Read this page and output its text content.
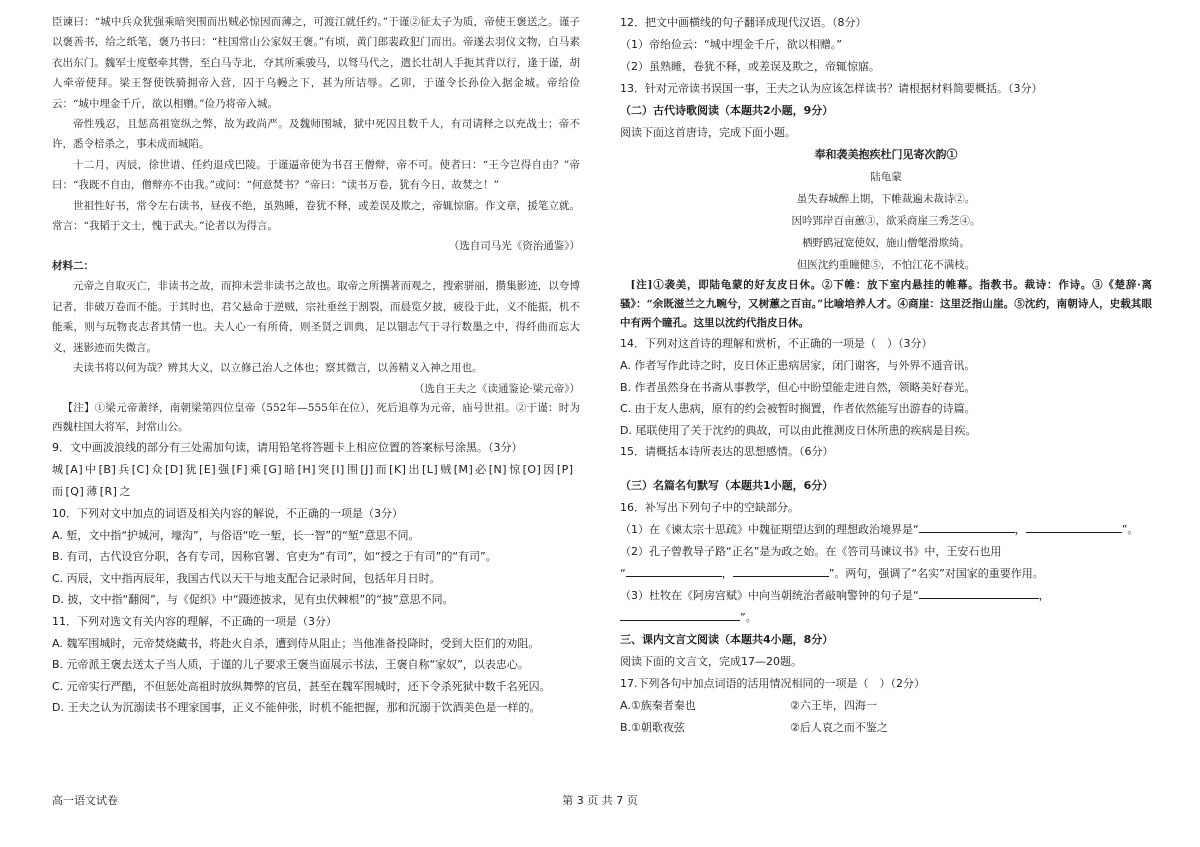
臣谏曰：“城中兵众犹强乘暗突围而出贼必惊因而薄之，可渡江就任约。”于谨②征太子为质，帝使王褒送之。谨子以褒善书，给之纸笔，褒乃书曰：“柱国常山公家奴王褒。”有顷，黄门郎裴政犯门而出。帝遂去羽仪文物，白马素衣出东门。魏军士度壑牵其辔，至白马寺北，夺其所乘骏马，以驽马代之，遣长壮胡人手扼其背以行，逢于谨，胡人牵帝使拜。梁王詧使铁骑拥帝入营，囚于乌幔之下，甚为所诘辱。乙卯，于谨令长孙俭入据金城。帝给俭云：“城中埋金千斤，欲以相赠。”俭乃将帝入城。

帝性残忍，且惩高祖宽纵之弊，故为政尚严。及魏师围城，狱中死囚且数千人，有司请释之以充战士；帝不许，悉令棓杀之，事未成而城陷。

十二月，丙辰，徐世谱、任约退戍巴陵。于谨逼帝使为书召王僧辩，帝不可。使者曰：“王今岂得自由？”帝曰：“我既不自由，僧辩亦不由我。”或问：“何意焚书？”帝曰：“读书万卷，犹有今日，故焚之！”

世祖性好书，常令左右读书，昼夜不绝，虽熟睡，卷犹不释，或差误及欺之，帝辄惊寤。作文章，援笔立就。常言：“我韬于文士，愧于武夫。”论者以为得言。

（选自司马光《资治通鉴》）
材料二：

元帝之自取灭亡，非读书之故，而抑未尝非读书之故也。取帝之所撰著而观之，搜索骈丽，攒集影迹，以夸博记者，非破万卷而不能。于其时也，君父悬命于逆贼，宗社垂丝于割裂，而晨览夕披，疲役于此，义不能振，机不能乘，则与玩物丧志者其情一也。夫人心一有所倚，则圣贤之训典，足以锢志气于寻行数墨之中，得纤曲而忘大义，迷影迹而失微言。

夫读书将以何为哉？辨其大义，以立修己治人之体也；察其微言，以善精义入神之用也。

（选自王夫之《读通鉴论·梁元帝》）

【注】①梁元帝萧绎，南朝梁第四位皇帝（552年—555年在位），死后追尊为元帝，庙号世祖。②于谨：时为西魏柱国大将军，封常山公。

9．文中画波浪线的部分有三处需加句读，请用铅笔将答题卡上相应位置的答案标号涂黑。（3分）
城 [A] 中 [B] 兵 [C] 众 [D] 犹 [E] 强 [F] 乘 [G] 暗 [H] 突 [I] 围 [J] 而 [K] 出 [L] 贼 [M] 必 [N] 惊 [O] 因 [P]而 [Q] 薄 [R] 之
10．下列对文中加点的词语及相关内容的解说，不正确的一项是（3分）
A. 堑，文中指“护城河，壕沟”，与俗语“吃一堑，长一智”的“堑”意思不同。
B. 有司，古代设官分职，各有专司，因称官署、官吏为“有司”，如“授之于有司”的“有司”。
C. 丙辰，文中指丙辰年，我国古代以天干与地支配合记录时间，包括年月日时。
D. 披，文中指“翻阅”，与《促织》中“蹑迹披求，见有虫伏棘根”的“披”意思不同。
11．下列对选文有关内容的理解，不正确的一项是（3分）
A. 魏军围城时，元帝焚烧藏书，将赴火自杀，遭到侍从阻止；当他准备投降时，受到大臣们的劝阻。
B. 元帝派王褒去送太子当人质，于谨的儿子要求王褒当面展示书法，王褒自称“家奴”，以表忠心。
C. 元帝实行严酷，不但惩处高祖时放纵舞弊的官员，甚至在魏军围城时，还下令杀死狱中数千名死囚。
D. 王夫之认为沉溺读书不理家国事，正义不能伸张，时机不能把握，那和沉溺于饮酒美色是一样的。
12．把文中画横线的句子翻译成现代汉语。（8分）
（1）帝绐俭云：“城中埋金千斤，欲以相赠。”
（2）虽熟睡，卷犹不释，或差误及欺之，帝辄惊寤。
13．针对元帝读书误国一事，王夫之认为应该怎样读书？请根据材料简要概括。（3分）
（二）古代诗歌阅读（本题共2小题，9分）
阅读下面这首唐诗，完成下面小题。
奉和袭美抱疾杜门见寄次韵①
陆龟蒙
虽失春城醉上期，下帷裁遍未裁诗②。
因吟郢岸百亩蕙③，欲采商崖三秀芝④。
栖野鸥冠宽使奴，施山僧氅滑欺绮。
但医沈约重瞳健⑤，不怕江花不满枝。

[注]①袭美，即陆龟蒙的好友皮日休。②下帷：放下室内悬挂的帷幕。指教书。裁诗：作诗。③《楚辞·离骚》：“余既滋兰之九畹兮，又树蕙之百亩。”比喻培养人才。④商崖：这里泛指山崖。⑤沈约，南朝诗人，史载其眼中有两个瞳孔。这里以沈约代指皮日休。

14．下列对这首诗的理解和赏析，不正确的一项是（　）（3分）
A. 作者写作此诗之时，皮日休正患病居家，闭门谢客，与外界不通音讯。
B. 作者虽然身在书斋从事教学，但心中盼望能走进自然，领略美好春光。
C. 由于友人患病，原有的约会被暂时搁置，作者依然能写出游春的诗篇。
D. 尾联使用了关于沈约的典故，可以由此推测皮日休所患的疾病是目疾。
15．请概括本诗所表达的思想感情。（6分）
（三）名篇名句默写（本题共1小题，6分）
16．补写出下列句子中的空缺部分。
（1）在《谏太宗十思疏》中魏征期望达到的理想政治境界是“	，	”。
（2）孔子曾教导子路“正名”是为政之始。在《答司马谏议书》中，王安石也用
“	，	”。两句，强调了“名实”对国家的重要作用。
（3）杜牧在《阿房宫赋》中向当朝统治者敲响警钟的句子是“	，”。
三、课内文言文阅读（本题共4小题，8分）
阅读下面的文言文，完成17—20题。
17.下列各句中加点词语的活用情况相同的一项是（　）（2分）
A.①族秦者秦也	②六王毕，四海一
B.①朝歌夜弦	②后人哀之而不鉴之
高一语文试卷	第 3 页 共 7 页
